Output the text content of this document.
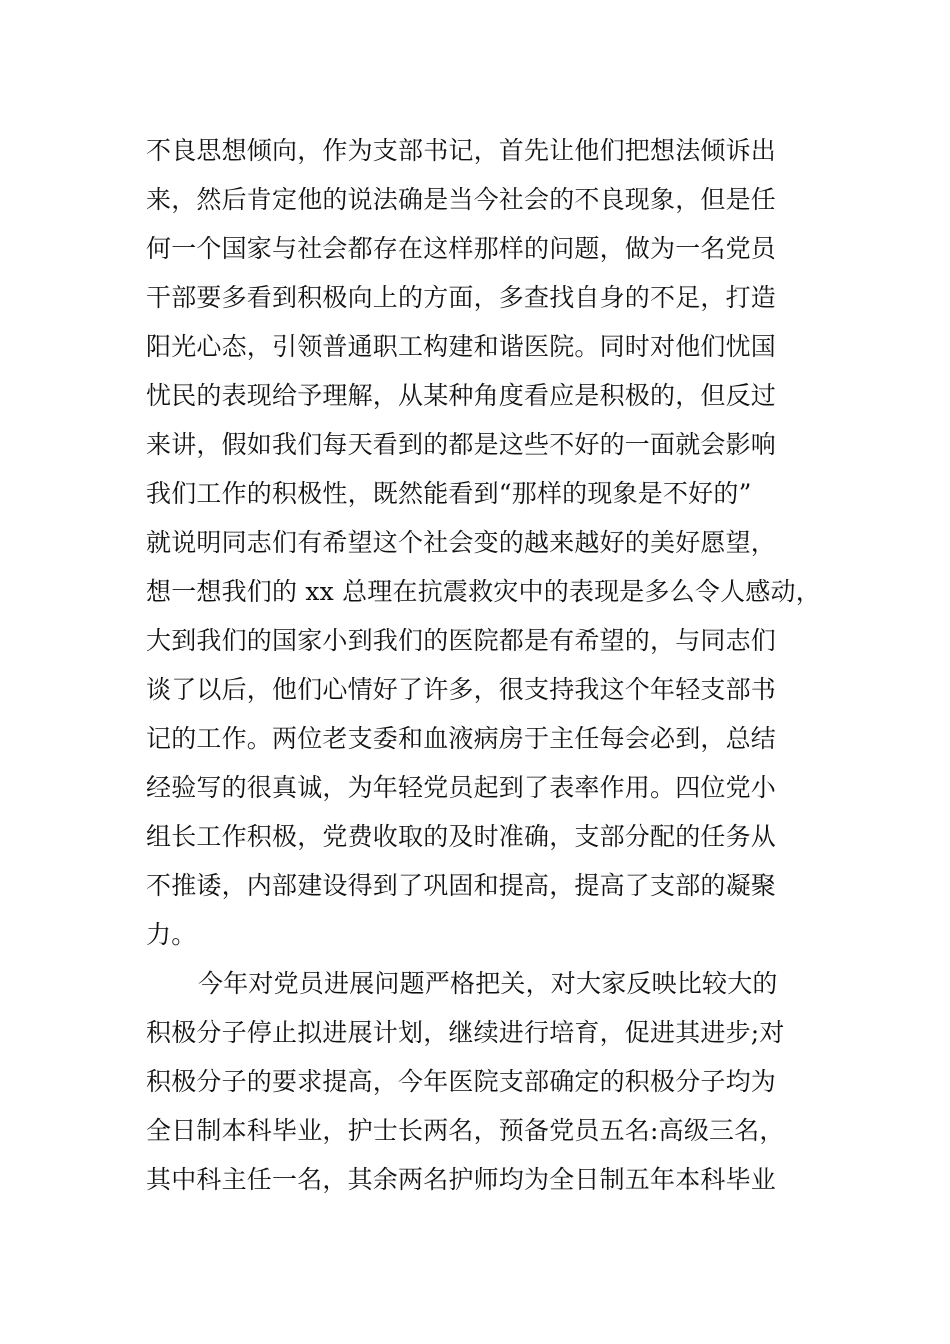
不良思想倾向，作为支部书记，首先让他们把想法倾诉出
来，然后肯定他的说法确是当今社会的不良现象，但是任
何一个国家与社会都存在这样那样的问题，做为一名党员
干部要多看到积极向上的方面，多查找自身的不足，打造
阳光心态，引领普通职工构建和谐医院。同时对他们忧国
忧民的表现给予理解，从某种角度看应是积极的，但反过
来讲，假如我们每天看到的都是这些不好的一面就会影响
我们工作的积极性，既然能看到“那样的现象是不好的”
就说明同志们有希望这个社会变的越来越好的美好愿望，
想一想我们的 xx 总理在抗震救灾中的表现是多么令人感动，
大到我们的国家小到我们的医院都是有希望的，与同志们
谈了以后，他们心情好了许多，很支持我这个年轻支部书
记的工作。两位老支委和血液病房于主任每会必到，总结
经验写的很真诚，为年轻党员起到了表率作用。四位党小
组长工作积极，党费收取的及时准确，支部分配的任务从
不推诿，内部建设得到了巩固和提高，提高了支部的凝聚
力。
今年对党员进展问题严格把关，对大家反映比较大的
积极分子停止拟进展计划，继续进行培育，促进其进步;对
积极分子的要求提高，今年医院支部确定的积极分子均为
全日制本科毕业，护士长两名，预备党员五名:高级三名，
其中科主任一名，其余两名护师均为全日制五年本科毕业
